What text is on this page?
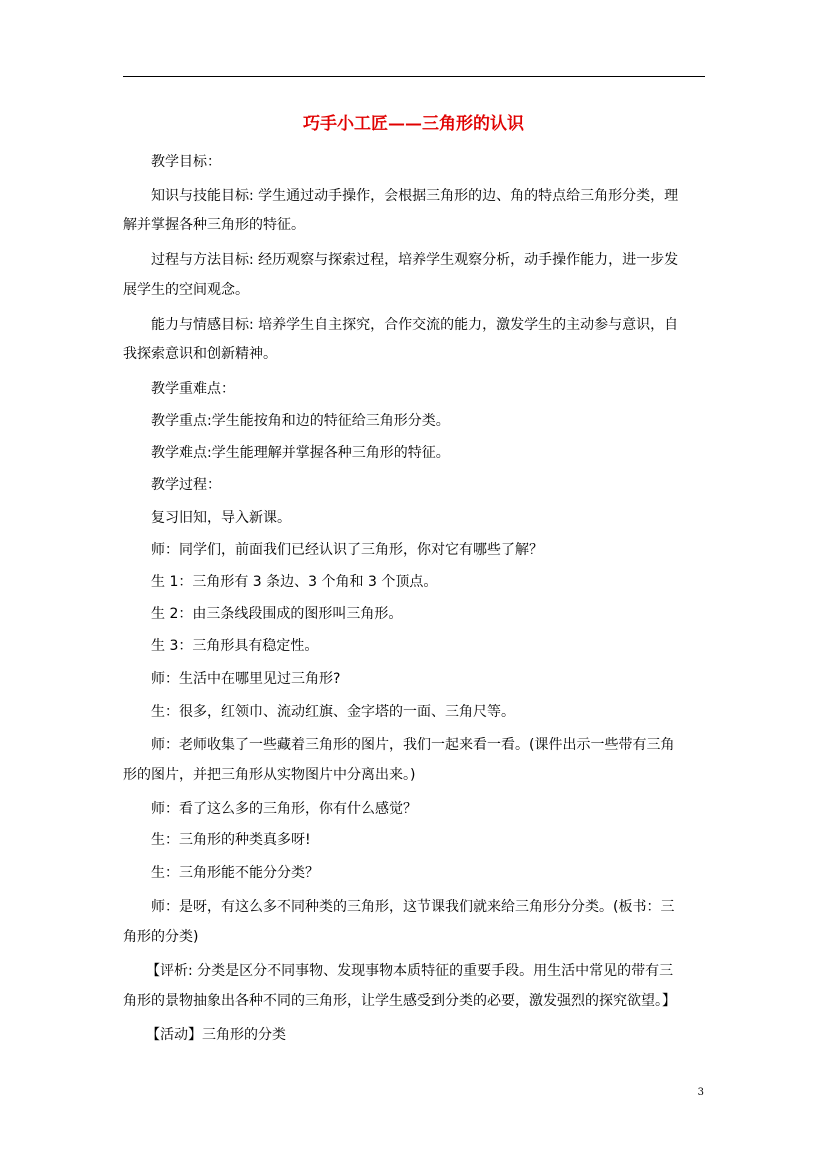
巧手小工匠——三角形的认识
教学目标：
知识与技能目标: 学生通过动手操作，会根据三角形的边、角的特点给三角形分类，理
解并掌握各种三角形的特征。
过程与方法目标: 经历观察与探索过程，培养学生观察分析，动手操作能力，进一步发
展学生的空间观念。
能力与情感目标: 培养学生自主探究，合作交流的能力，激发学生的主动参与意识，自
我探索意识和创新精神。
教学重难点：
教学重点:学生能按角和边的特征给三角形分类。
教学难点:学生能理解并掌握各种三角形的特征。
教学过程：
复习旧知，导入新课。
师：同学们，前面我们已经认识了三角形，你对它有哪些了解？
生 1：三角形有 3 条边、3 个角和 3 个顶点。
生 2：由三条线段围成的图形叫三角形。
生 3：三角形具有稳定性。
师：生活中在哪里见过三角形?
生：很多，红领巾、流动红旗、金字塔的一面、三角尺等。
师：老师收集了一些藏着三角形的图片，我们一起来看一看。(课件出示一些带有三角
形的图片，并把三角形从实物图片中分离出来。)
师：看了这么多的三角形，你有什么感觉？
生：三角形的种类真多呀!
生：三角形能不能分分类？
师：是呀，有这么多不同种类的三角形，这节课我们就来给三角形分分类。(板书：三
角形的分类)
【评析: 分类是区分不同事物、发现事物本质特征的重要手段。用生活中常见的带有三
角形的景物抽象出各种不同的三角形，让学生感受到分类的必要，激发强烈的探究欲望。】
【活动】三角形的分类
3
